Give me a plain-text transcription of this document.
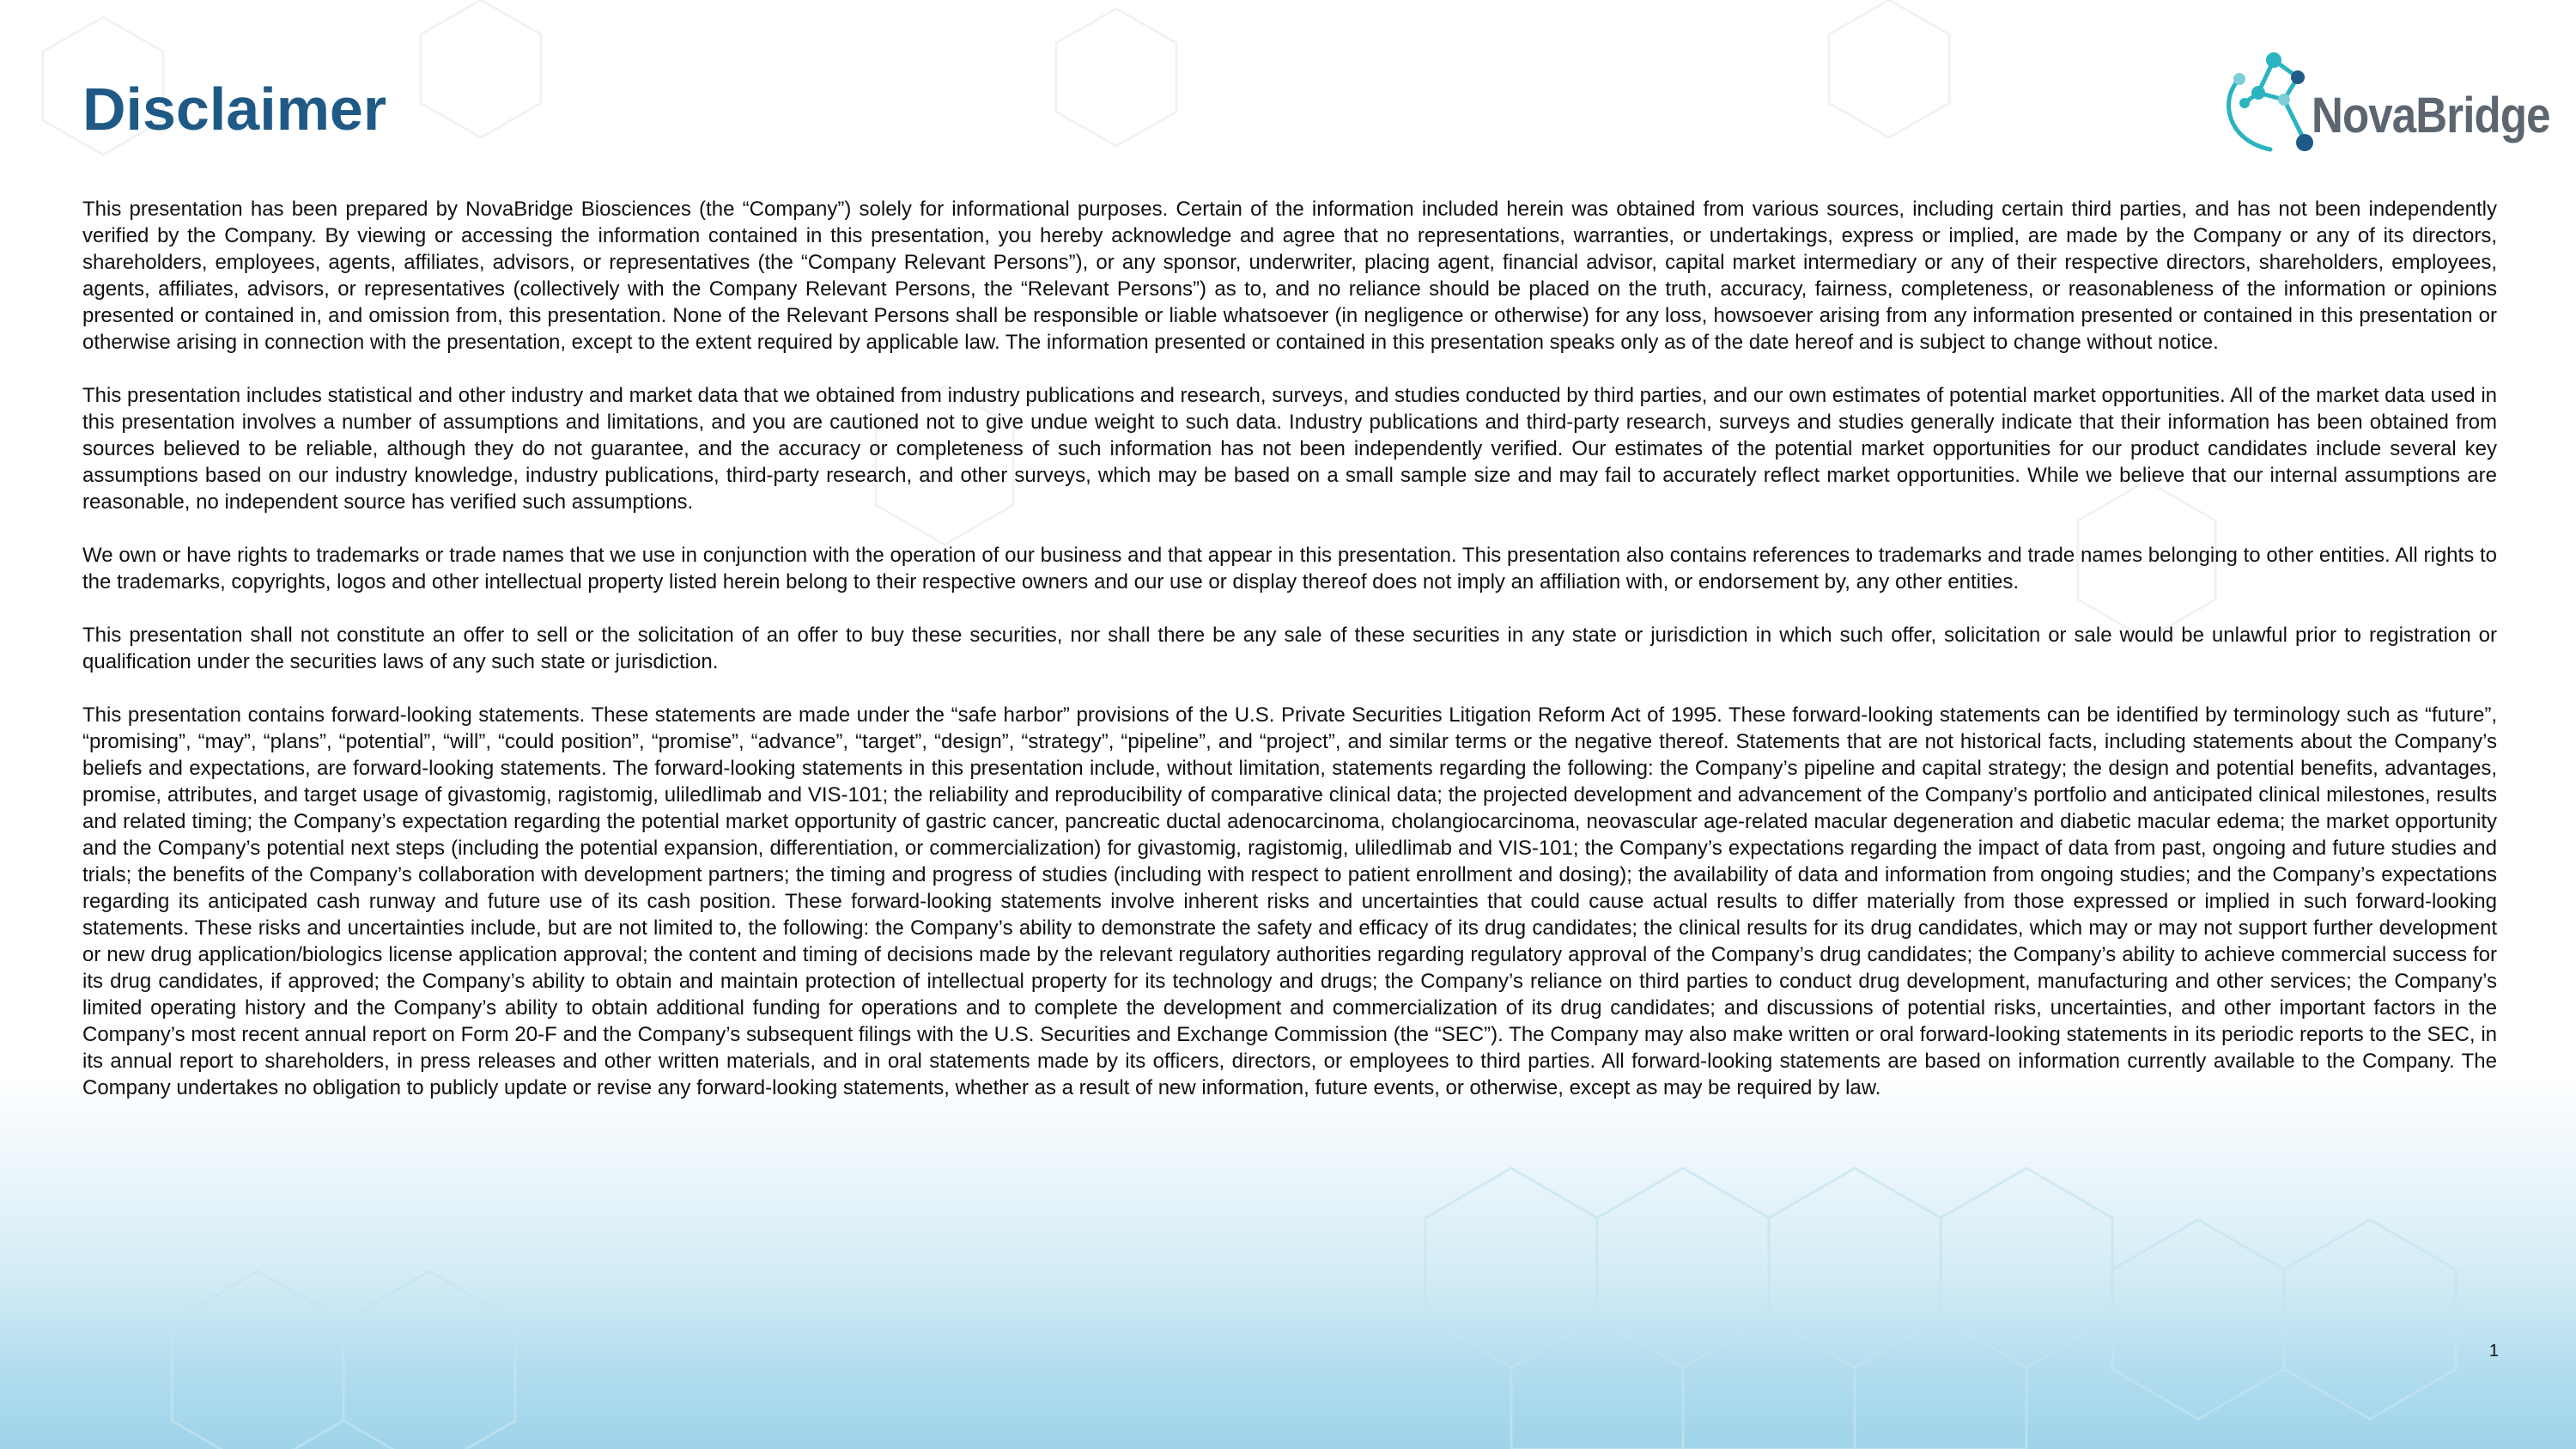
Disclaimer	NovaBridge

This presentation has been prepared by NovaBridge Biosciences (the “Company”) solely for informational purposes. Certain of the information included herein was obtained from various sources, including certain third parties, and has not been independently verified by the Company. By viewing or accessing the information contained in this presentation, you hereby acknowledge and agree that no representations, warranties, or undertakings, express or implied, are made by the Company or any of its directors, shareholders, employees, agents, affiliates, advisors, or representatives (the “Company Relevant Persons”), or any sponsor, underwriter, placing agent, financial advisor, capital market intermediary or any of their respective directors, shareholders, employees, agents, affiliates, advisors, or representatives (collectively with the Company Relevant Persons, the “Relevant Persons”) as to, and no reliance should be placed on the truth, accuracy, fairness, completeness, or reasonableness of the information or opinions presented or contained in, and omission from, this presentation. None of the Relevant Persons shall be responsible or liable whatsoever (in negligence or otherwise) for any loss, howsoever arising from any information presented or contained in this presentation or otherwise arising in connection with the presentation, except to the extent required by applicable law. The information presented or contained in this presentation speaks only as of the date hereof and is subject to change without notice.

This presentation includes statistical and other industry and market data that we obtained from industry publications and research, surveys, and studies conducted by third parties, and our own estimates of potential market opportunities. All of the market data used in this presentation involves a number of assumptions and limitations, and you are cautioned not to give undue weight to such data. Industry publications and third-party research, surveys and studies generally indicate that their information has been obtained from sources believed to be reliable, although they do not guarantee, and the accuracy or completeness of such information has not been independently verified. Our estimates of the potential market opportunities for our product candidates include several key assumptions based on our industry knowledge, industry publications, third-party research, and other surveys, which may be based on a small sample size and may fail to accurately reflect market opportunities. While we believe that our internal assumptions are reasonable, no independent source has verified such assumptions.

We own or have rights to trademarks or trade names that we use in conjunction with the operation of our business and that appear in this presentation. This presentation also contains references to trademarks and trade names belonging to other entities. All rights to the trademarks, copyrights, logos and other intellectual property listed herein belong to their respective owners and our use or display thereof does not imply an affiliation with, or endorsement by, any other entities.

This presentation shall not constitute an offer to sell or the solicitation of an offer to buy these securities, nor shall there be any sale of these securities in any state or jurisdiction in which such offer, solicitation or sale would be unlawful prior to registration or qualification under the securities laws of any such state or jurisdiction.

This presentation contains forward-looking statements. These statements are made under the “safe harbor” provisions of the U.S. Private Securities Litigation Reform Act of 1995. These forward-looking statements can be identified by terminology such as “future”, “promising”, “may”, “plans”, “potential”, “will”, “could position”, “promise”, “advance”, “target”, “design”, “strategy”, “pipeline”, and “project”, and similar terms or the negative thereof. Statements that are not historical facts, including statements about the Company’s beliefs and expectations, are forward-looking statements. The forward-looking statements in this presentation include, without limitation, statements regarding the following: the Company’s pipeline and capital strategy; the design and potential benefits, advantages, promise, attributes, and target usage of givastomig, ragistomig, uliledlimab and VIS-101; the reliability and reproducibility of comparative clinical data; the projected development and advancement of the Company’s portfolio and anticipated clinical milestones, results and related timing; the Company’s expectation regarding the potential market opportunity of gastric cancer, pancreatic ductal adenocarcinoma, cholangiocarcinoma, neovascular age-related macular degeneration and diabetic macular edema; the market opportunity and the Company’s potential next steps (including the potential expansion, differentiation, or commercialization) for givastomig, ragistomig, uliledlimab and VIS-101; the Company’s expectations regarding the impact of data from past, ongoing and future studies and trials; the benefits of the Company’s collaboration with development partners; the timing and progress of studies (including with respect to patient enrollment and dosing); the availability of data and information from ongoing studies; and the Company’s expectations regarding its anticipated cash runway and future use of its cash position. These forward-looking statements involve inherent risks and uncertainties that could cause actual results to differ materially from those expressed or implied in such forward-looking statements. These risks and uncertainties include, but are not limited to, the following: the Company’s ability to demonstrate the safety and efficacy of its drug candidates; the clinical results for its drug candidates, which may or may not support further development or new drug application/biologics license application approval; the content and timing of decisions made by the relevant regulatory authorities regarding regulatory approval of the Company’s drug candidates; the Company’s ability to achieve commercial success for its drug candidates, if approved; the Company’s ability to obtain and maintain protection of intellectual property for its technology and drugs; the Company’s reliance on third parties to conduct drug development, manufacturing and other services; the Company’s limited operating history and the Company’s ability to obtain additional funding for operations and to complete the development and commercialization of its drug candidates; and discussions of potential risks, uncertainties, and other important factors in the Company’s most recent annual report on Form 20-F and the Company’s subsequent filings with the U.S. Securities and Exchange Commission (the “SEC”). The Company may also make written or oral forward-looking statements in its periodic reports to the SEC, in its annual report to shareholders, in press releases and other written materials, and in oral statements made by its officers, directors, or employees to third parties. All forward-looking statements are based on information currently available to the Company. The Company undertakes no obligation to publicly update or revise any forward-looking statements, whether as a result of new information, future events, or otherwise, except as may be required by law.

1
